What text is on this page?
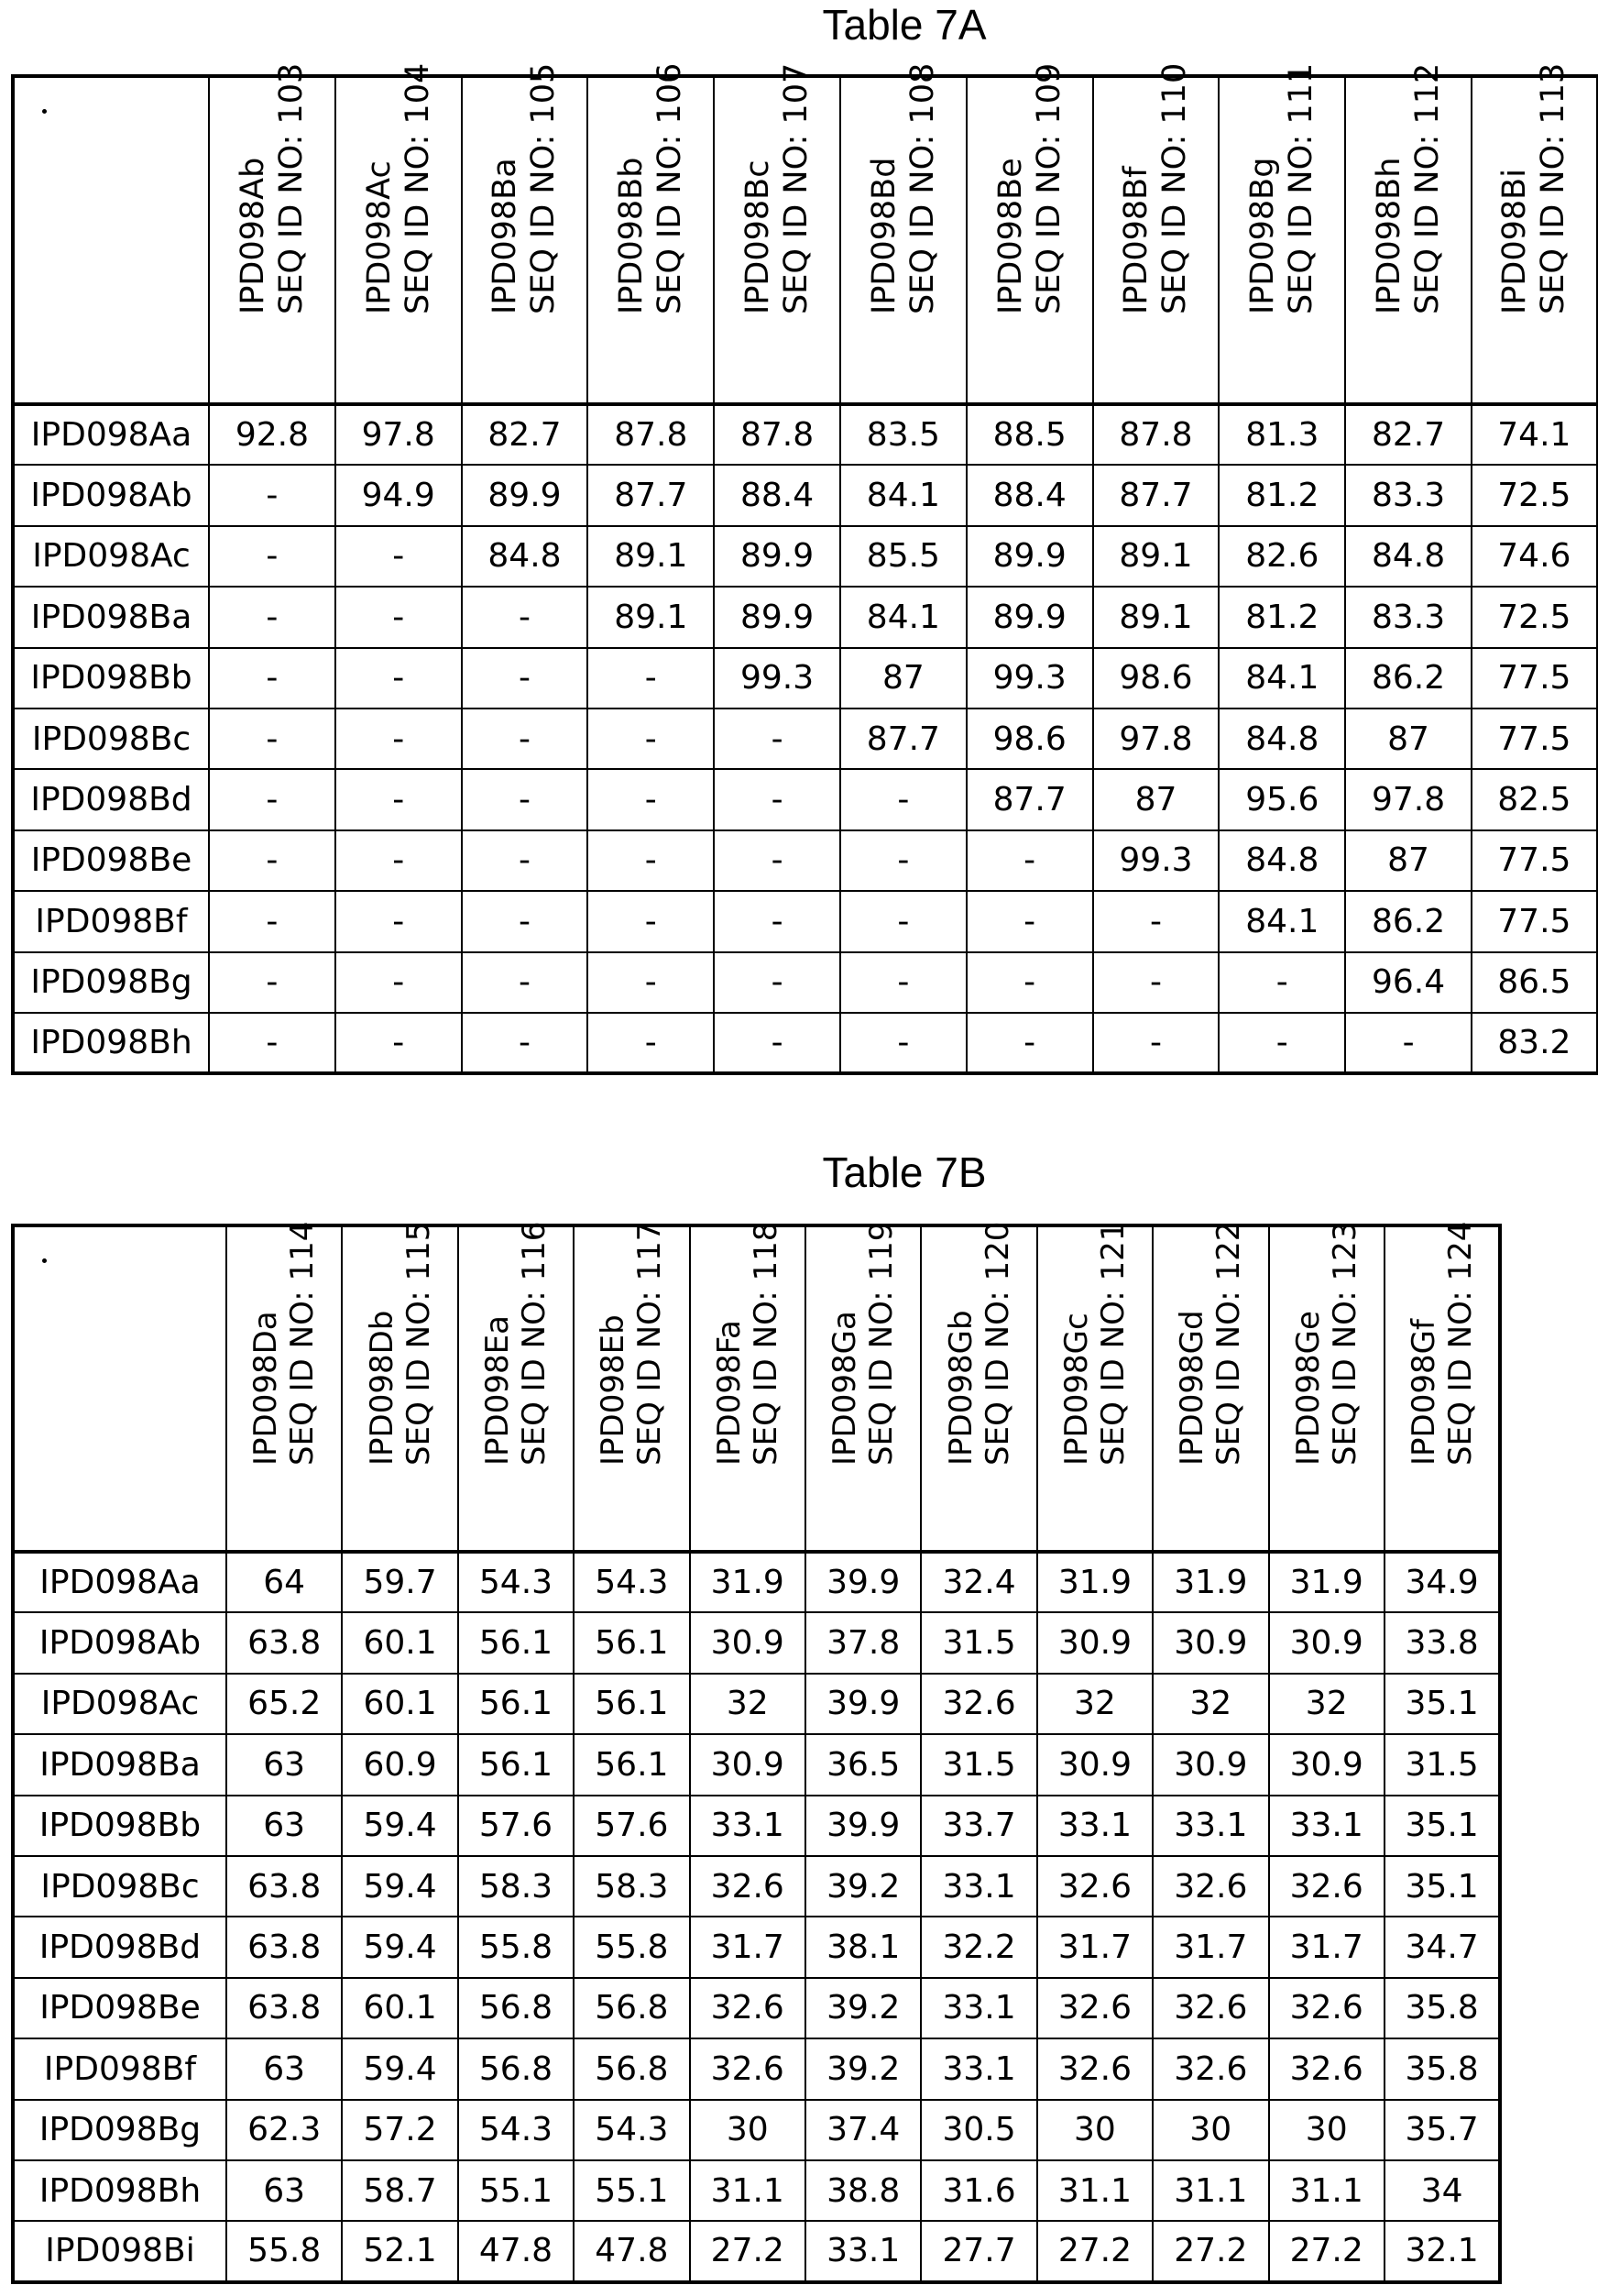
Table 7A

	IPD098Ab SEQ ID NO: 103	IPD098Ac SEQ ID NO: 104	IPD098Ba SEQ ID NO: 105	IPD098Bb SEQ ID NO: 106	IPD098Bc SEQ ID NO: 107	IPD098Bd SEQ ID NO: 108	IPD098Be SEQ ID NO: 109	IPD098Bf SEQ ID NO: 110	IPD098Bg SEQ ID NO: 111	IPD098Bh SEQ ID NO: 112	IPD098Bi SEQ ID NO: 113

IPD098Aa	92.8	97.8	82.7	87.8	87.8	83.5	88.5	87.8	81.3	82.7	74.1
IPD098Ab	-	94.9	89.9	87.7	88.4	84.1	88.4	87.7	81.2	83.3	72.5
IPD098Ac	-	-	84.8	89.1	89.9	85.5	89.9	89.1	82.6	84.8	74.6
IPD098Ba	-	-	-	89.1	89.9	84.1	89.9	89.1	81.2	83.3	72.5
IPD098Bb	-	-	-	-	99.3	87	99.3	98.6	84.1	86.2	77.5
IPD098Bc	-	-	-	-	-	87.7	98.6	97.8	84.8	87	77.5
IPD098Bd	-	-	-	-	-	-	87.7	87	95.6	97.8	82.5
IPD098Be	-	-	-	-	-	-	-	99.3	84.8	87	77.5
IPD098Bf	-	-	-	-	-	-	-	-	84.1	86.2	77.5
IPD098Bg	-	-	-	-	-	-	-	-	-	96.4	86.5
IPD098Bh	-	-	-	-	-	-	-	-	-	-	83.2
Table 7B

	IPD098Da SEQ ID NO: 114	IPD098Db SEQ ID NO: 115	IPD098Ea SEQ ID NO: 116	IPD098Eb SEQ ID NO: 117	IPD098Fa SEQ ID NO: 118	IPD098Ga SEQ ID NO: 119	IPD098Gb SEQ ID NO: 120	IPD098Gc SEQ ID NO: 121	IPD098Gd SEQ ID NO: 122	IPD098Ge SEQ ID NO: 123	IPD098Gf SEQ ID NO: 124

IPD098Aa	64	59.7	54.3	54.3	31.9	39.9	32.4	31.9	31.9	31.9	34.9
IPD098Ab	63.8	60.1	56.1	56.1	30.9	37.8	31.5	30.9	30.9	30.9	33.8
IPD098Ac	65.2	60.1	56.1	56.1	32	39.9	32.6	32	32	32	35.1
IPD098Ba	63	60.9	56.1	56.1	30.9	36.5	31.5	30.9	30.9	30.9	31.5
IPD098Bb	63	59.4	57.6	57.6	33.1	39.9	33.7	33.1	33.1	33.1	35.1
IPD098Bc	63.8	59.4	58.3	58.3	32.6	39.2	33.1	32.6	32.6	32.6	35.1
IPD098Bd	63.8	59.4	55.8	55.8	31.7	38.1	32.2	31.7	31.7	31.7	34.7
IPD098Be	63.8	60.1	56.8	56.8	32.6	39.2	33.1	32.6	32.6	32.6	35.8
IPD098Bf	63	59.4	56.8	56.8	32.6	39.2	33.1	32.6	32.6	32.6	35.8
IPD098Bg	62.3	57.2	54.3	54.3	30	37.4	30.5	30	30	30	35.7
IPD098Bh	63	58.7	55.1	55.1	31.1	38.8	31.6	31.1	31.1	31.1	34
IPD098Bi	55.8	52.1	47.8	47.8	27.2	33.1	27.7	27.2	27.2	27.2	32.1
